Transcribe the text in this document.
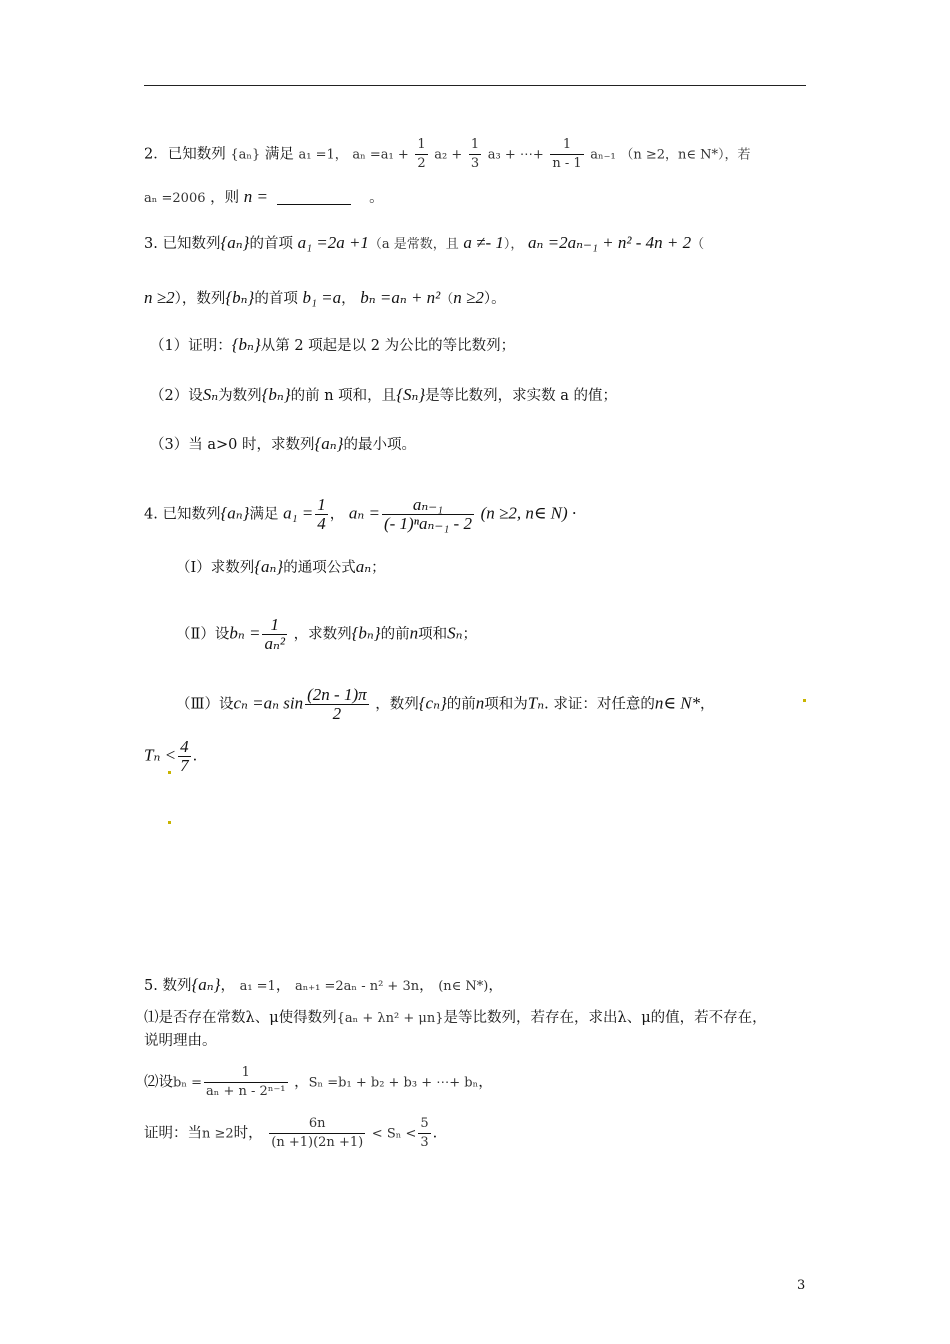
2．已知数列 {aₙ} 满足 a₁ =1， $a_n =a_1 + \frac{1}{2} a_2 + \frac{1}{3} a_3$ + ⋯+ $\frac{1}{n - 1} a_{n-1}$ （n ≥2，n∈ N*），若
aₙ =2006 ，则 n =	。
3. 已知数列{aₙ}的首项 a₁ =2a +1（a 是常数，且 a ≠- 1）， aₙ =2aₙ₋₁ + n² - 4n + 2（
n ≥2），数列{bₙ}的首项 b₁ =a， bₙ =aₙ + n²（n ≥2）。
（1）证明：{bₙ}从第 2 项起是以 2 为公比的等比数列；
（2）设Sₙ为数列{bₙ}的前 n 项和，且{Sₙ}是等比数列，求实数 a 的值；
（3）当 a>0 时，求数列{aₙ}的最小项。
4. 已知数列{aₙ}满足 $a_1 = \frac{1}{4}$ ， $a_n = \frac{\text{aₙ₋₁}}{\text{(- 1)ⁿaₙ₋₁ - 2}} (n \ge 2$, n∈ N) ·
（Ⅰ）求数列{aₙ}的通项公式aₙ；
（Ⅱ）设$b_n = \frac{1}{\text{aₙ²}}$ ，求数列{bₙ}的前n项和Sₙ；
（Ⅲ）设cₙ =aₙ $\sin \frac{(2n - 1)\pi}{2}$ ，数列{cₙ}的前n项和为Tₙ. 求证：对任意的n∈ N*，
$T_n < \frac{4}{7}$ .
5. 数列{aₙ}， a₁ =1， aₙ₊₁ =2aₙ - n² + 3n， (n∈ N*)，
⑴是否存在常数λ、μ使得数列{aₙ + λn² + μn}是等比数列，若存在，求出λ、μ的值，若不存在，
说明理由。
⑵设$b_n = \frac{1}{\text{aₙ + n - 2ⁿ⁻¹}}$ ，Sₙ =b₁ + b₂ + b₃ + ⋯+ bₙ，
证明：当n ≥2时， $\frac{6n}{(n +1)(2n +1)} < S_n < \frac{5}{3}$ .
3
